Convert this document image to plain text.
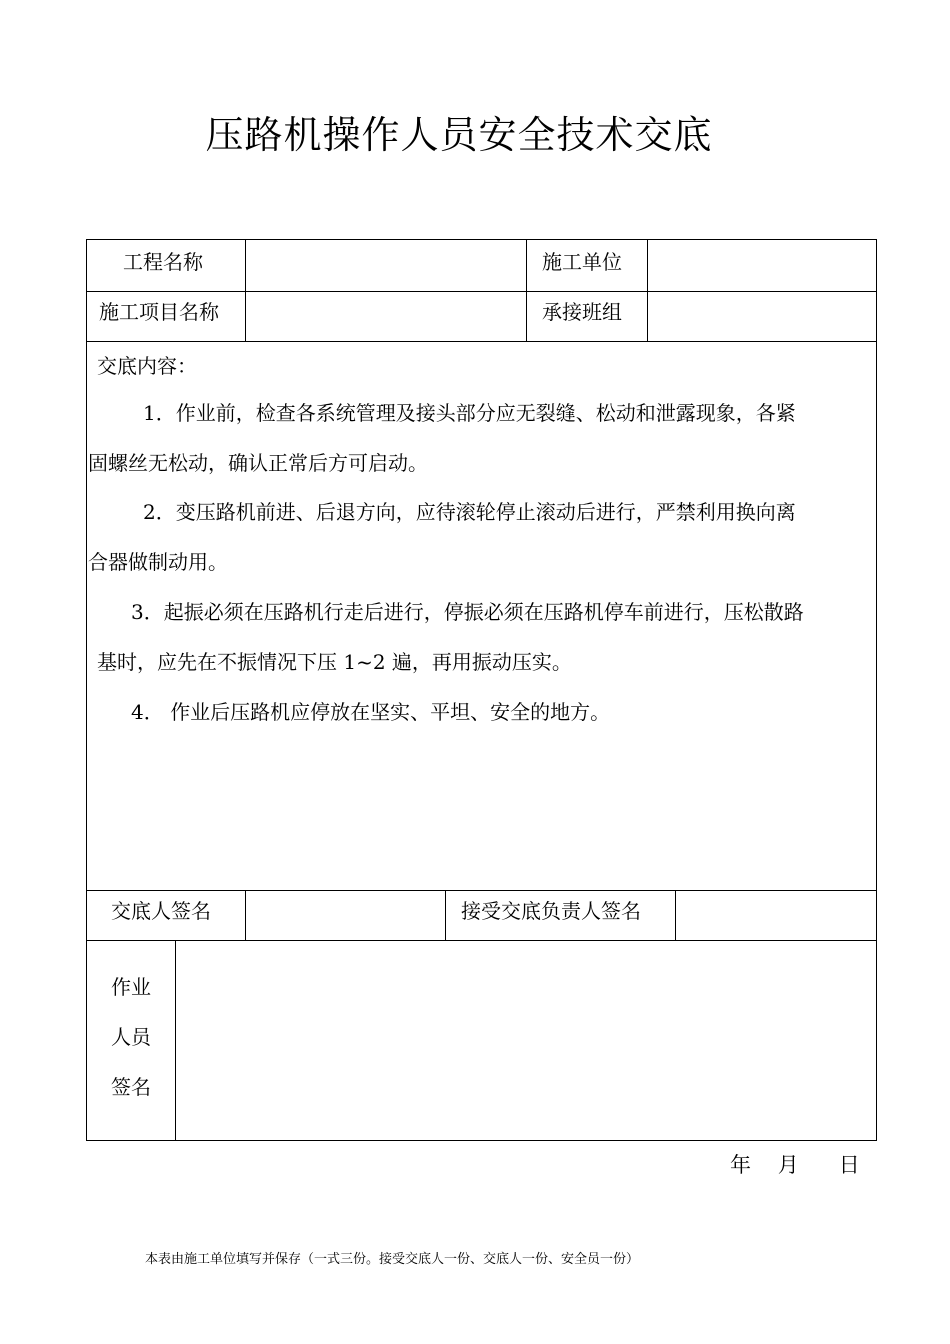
压路机操作人员安全技术交底
工程名称	施工单位
施工项目名称	承接班组
交底内容：
1．作业前，检查各系统管理及接头部分应无裂缝、松动和泄露现象，各紧
固螺丝无松动，确认正常后方可启动。
2．变压路机前进、后退方向，应待滚轮停止滚动后进行，严禁利用换向离
合器做制动用。
3．起振必须在压路机行走后进行，停振必须在压路机停车前进行，压松散路
基时，应先在不振情况下压 1~2 遍，再用振动压实。
4． 作业后压路机应停放在坚实、平坦、安全的地方。
交底人签名	接受交底负责人签名
作业
人员
签名
年    月      日
本表由施工单位填写并保存（一式三份。接受交底人一份、交底人一份、安全员一份）
